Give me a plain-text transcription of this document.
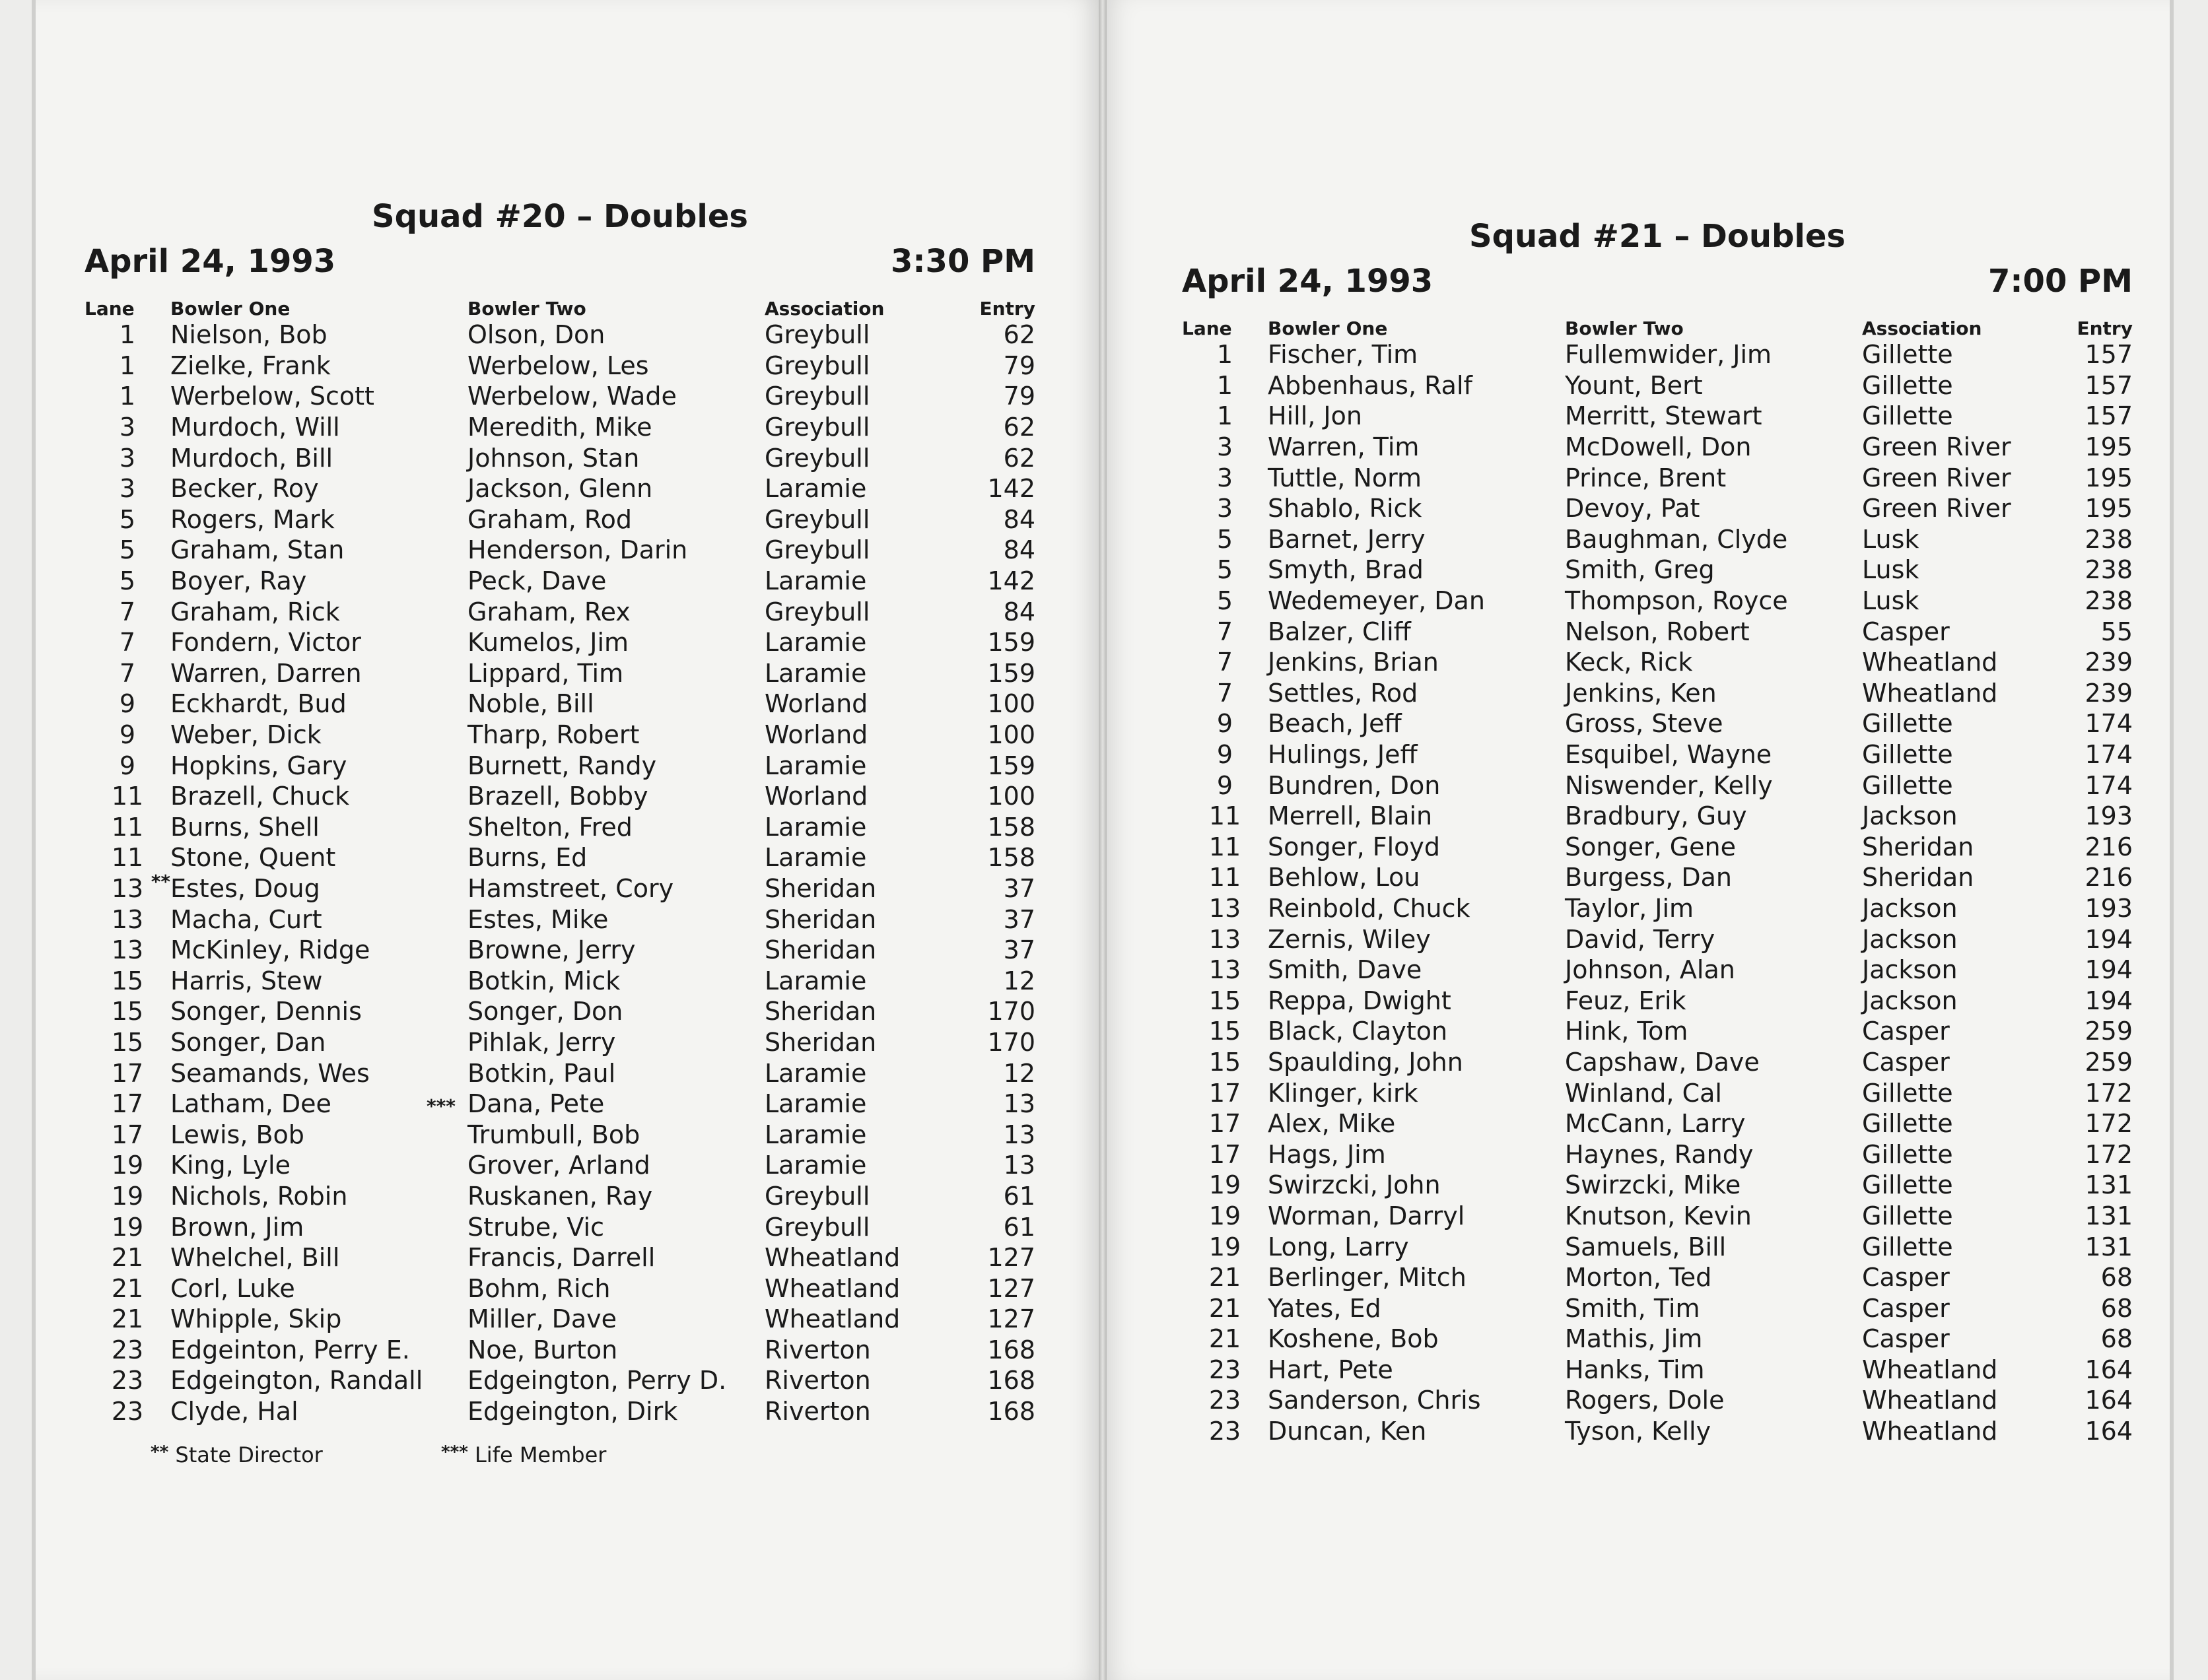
Squad #20 – Doubles
April 24, 1993	3:30 PM
Lane	Bowler One	Bowler Two	Association	Entry
1	Nielson, Bob	Olson, Don	Greybull	62
1	Zielke, Frank	Werbelow, Les	Greybull	79
1	Werbelow, Scott	Werbelow, Wade	Greybull	79
3	Murdoch, Will	Meredith, Mike	Greybull	62
3	Murdoch, Bill	Johnson, Stan	Greybull	62
3	Becker, Roy	Jackson, Glenn	Laramie	142
5	Rogers, Mark	Graham, Rod	Greybull	84
5	Graham, Stan	Henderson, Darin	Greybull	84
5	Boyer, Ray	Peck, Dave	Laramie	142
7	Graham, Rick	Graham, Rex	Greybull	84
7	Fondern, Victor	Kumelos, Jim	Laramie	159
7	Warren, Darren	Lippard, Tim	Laramie	159
9	Eckhardt, Bud	Noble, Bill	Worland	100
9	Weber, Dick	Tharp, Robert	Worland	100
9	Hopkins, Gary	Burnett, Randy	Laramie	159
11	Brazell, Chuck	Brazell, Bobby	Worland	100
11	Burns, Shell	Shelton, Fred	Laramie	158
11	Stone, Quent	Burns, Ed	Laramie	158
13 **	Estes, Doug	Hamstreet, Cory	Sheridan	37
13	Macha, Curt	Estes, Mike	Sheridan	37
13	McKinley, Ridge	Browne, Jerry	Sheridan	37
15	Harris, Stew	Botkin, Mick	Laramie	12
15	Songer, Dennis	Songer, Don	Sheridan	170
15	Songer, Dan	Pihlak, Jerry	Sheridan	170
17	Seamands, Wes	Botkin, Paul	Laramie	12
17	Latham, Dee	*** Dana, Pete	Laramie	13
17	Lewis, Bob	Trumbull, Bob	Laramie	13
19	King, Lyle	Grover, Arland	Laramie	13
19	Nichols, Robin	Ruskanen, Ray	Greybull	61
19	Brown, Jim	Strube, Vic	Greybull	61
21	Whelchel, Bill	Francis, Darrell	Wheatland	127
21	Corl, Luke	Bohm, Rich	Wheatland	127
21	Whipple, Skip	Miller, Dave	Wheatland	127
23	Edgeinton, Perry E.	Noe, Burton	Riverton	168
23	Edgeington, Randall	Edgeington, Perry D.	Riverton	168
23	Clyde, Hal	Edgeington, Dirk	Riverton	168
** State Director	*** Life Member
Squad #21 – Doubles
April 24, 1993	7:00 PM
Lane	Bowler One	Bowler Two	Association	Entry
1	Fischer, Tim	Fullemwider, Jim	Gillette	157
1	Abbenhaus, Ralf	Yount, Bert	Gillette	157
1	Hill, Jon	Merritt, Stewart	Gillette	157
3	Warren, Tim	McDowell, Don	Green River	195
3	Tuttle, Norm	Prince, Brent	Green River	195
3	Shablo, Rick	Devoy, Pat	Green River	195
5	Barnet, Jerry	Baughman, Clyde	Lusk	238
5	Smyth, Brad	Smith, Greg	Lusk	238
5	Wedemeyer, Dan	Thompson, Royce	Lusk	238
7	Balzer, Cliff	Nelson, Robert	Casper	55
7	Jenkins, Brian	Keck, Rick	Wheatland	239
7	Settles, Rod	Jenkins, Ken	Wheatland	239
9	Beach, Jeff	Gross, Steve	Gillette	174
9	Hulings, Jeff	Esquibel, Wayne	Gillette	174
9	Bundren, Don	Niswender, Kelly	Gillette	174
11	Merrell, Blain	Bradbury, Guy	Jackson	193
11	Songer, Floyd	Songer, Gene	Sheridan	216
11	Behlow, Lou	Burgess, Dan	Sheridan	216
13	Reinbold, Chuck	Taylor, Jim	Jackson	193
13	Zernis, Wiley	David, Terry	Jackson	194
13	Smith, Dave	Johnson, Alan	Jackson	194
15	Reppa, Dwight	Feuz, Erik	Jackson	194
15	Black, Clayton	Hink, Tom	Casper	259
15	Spaulding, John	Capshaw, Dave	Casper	259
17	Klinger, kirk	Winland, Cal	Gillette	172
17	Alex, Mike	McCann, Larry	Gillette	172
17	Hags, Jim	Haynes, Randy	Gillette	172
19	Swirzcki, John	Swirzcki, Mike	Gillette	131
19	Worman, Darryl	Knutson, Kevin	Gillette	131
19	Long, Larry	Samuels, Bill	Gillette	131
21	Berlinger, Mitch	Morton, Ted	Casper	68
21	Yates, Ed	Smith, Tim	Casper	68
21	Koshene, Bob	Mathis, Jim	Casper	68
23	Hart, Pete	Hanks, Tim	Wheatland	164
23	Sanderson, Chris	Rogers, Dole	Wheatland	164
23	Duncan, Ken	Tyson, Kelly	Wheatland	164
